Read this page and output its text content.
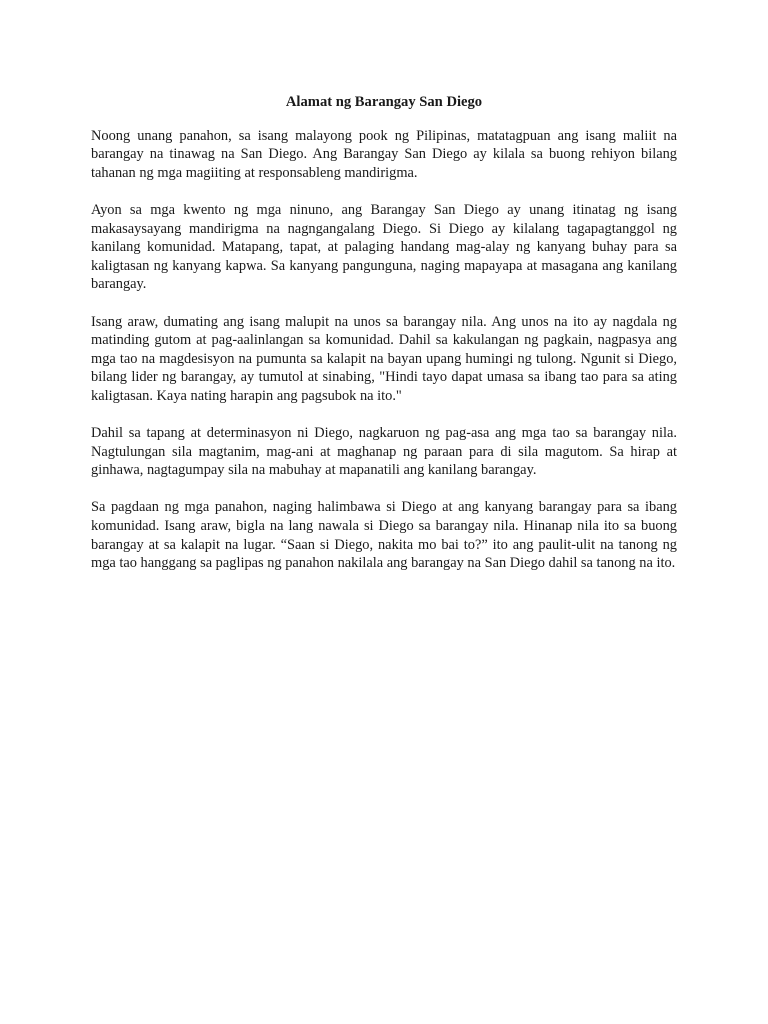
Alamat ng Barangay San Diego

Noong unang panahon, sa isang malayong pook ng Pilipinas, matatagpuan ang isang maliit na barangay na tinawag na San Diego. Ang Barangay San Diego ay kilala sa buong rehiyon bilang tahanan ng mga magiiting at responsableng mandirigma.

Ayon sa mga kwento ng mga ninuno, ang Barangay San Diego ay unang itinatag ng isang makasaysayang mandirigma na nagngangalang Diego. Si Diego ay kilalang tagapagtanggol ng kanilang komunidad. Matapang, tapat, at palaging handang mag-alay ng kanyang buhay para sa kaligtasan ng kanyang kapwa. Sa kanyang pangunguna, naging mapayapa at masagana ang kanilang barangay.

Isang araw, dumating ang isang malupit na unos sa barangay nila. Ang unos na ito ay nagdala ng matinding gutom at pag-aalinlangan sa komunidad. Dahil sa kakulangan ng pagkain, nagpasya ang mga tao na magdesisyon na pumunta sa kalapit na bayan upang humingi ng tulong. Ngunit si Diego, bilang lider ng barangay, ay tumutol at sinabing, "Hindi tayo dapat umasa sa ibang tao para sa ating kaligtasan. Kaya nating harapin ang pagsubok na ito."

Dahil sa tapang at determinasyon ni Diego, nagkaruon ng pag-asa ang mga tao sa barangay nila. Nagtulungan sila magtanim, mag-ani at maghanap ng paraan para di sila magutom. Sa hirap at ginhawa, nagtagumpay sila na mabuhay at mapanatili ang kanilang barangay.

Sa pagdaan ng mga panahon, naging halimbawa si Diego at ang kanyang barangay para sa ibang komunidad. Isang araw, bigla na lang nawala si Diego sa barangay nila. Hinanap nila ito sa buong barangay at sa kalapit na lugar. “Saan si Diego, nakita mo bai to?” ito ang paulit-ulit na tanong ng mga tao hanggang sa paglipas ng panahon nakilala ang barangay na San Diego dahil sa tanong na ito.
